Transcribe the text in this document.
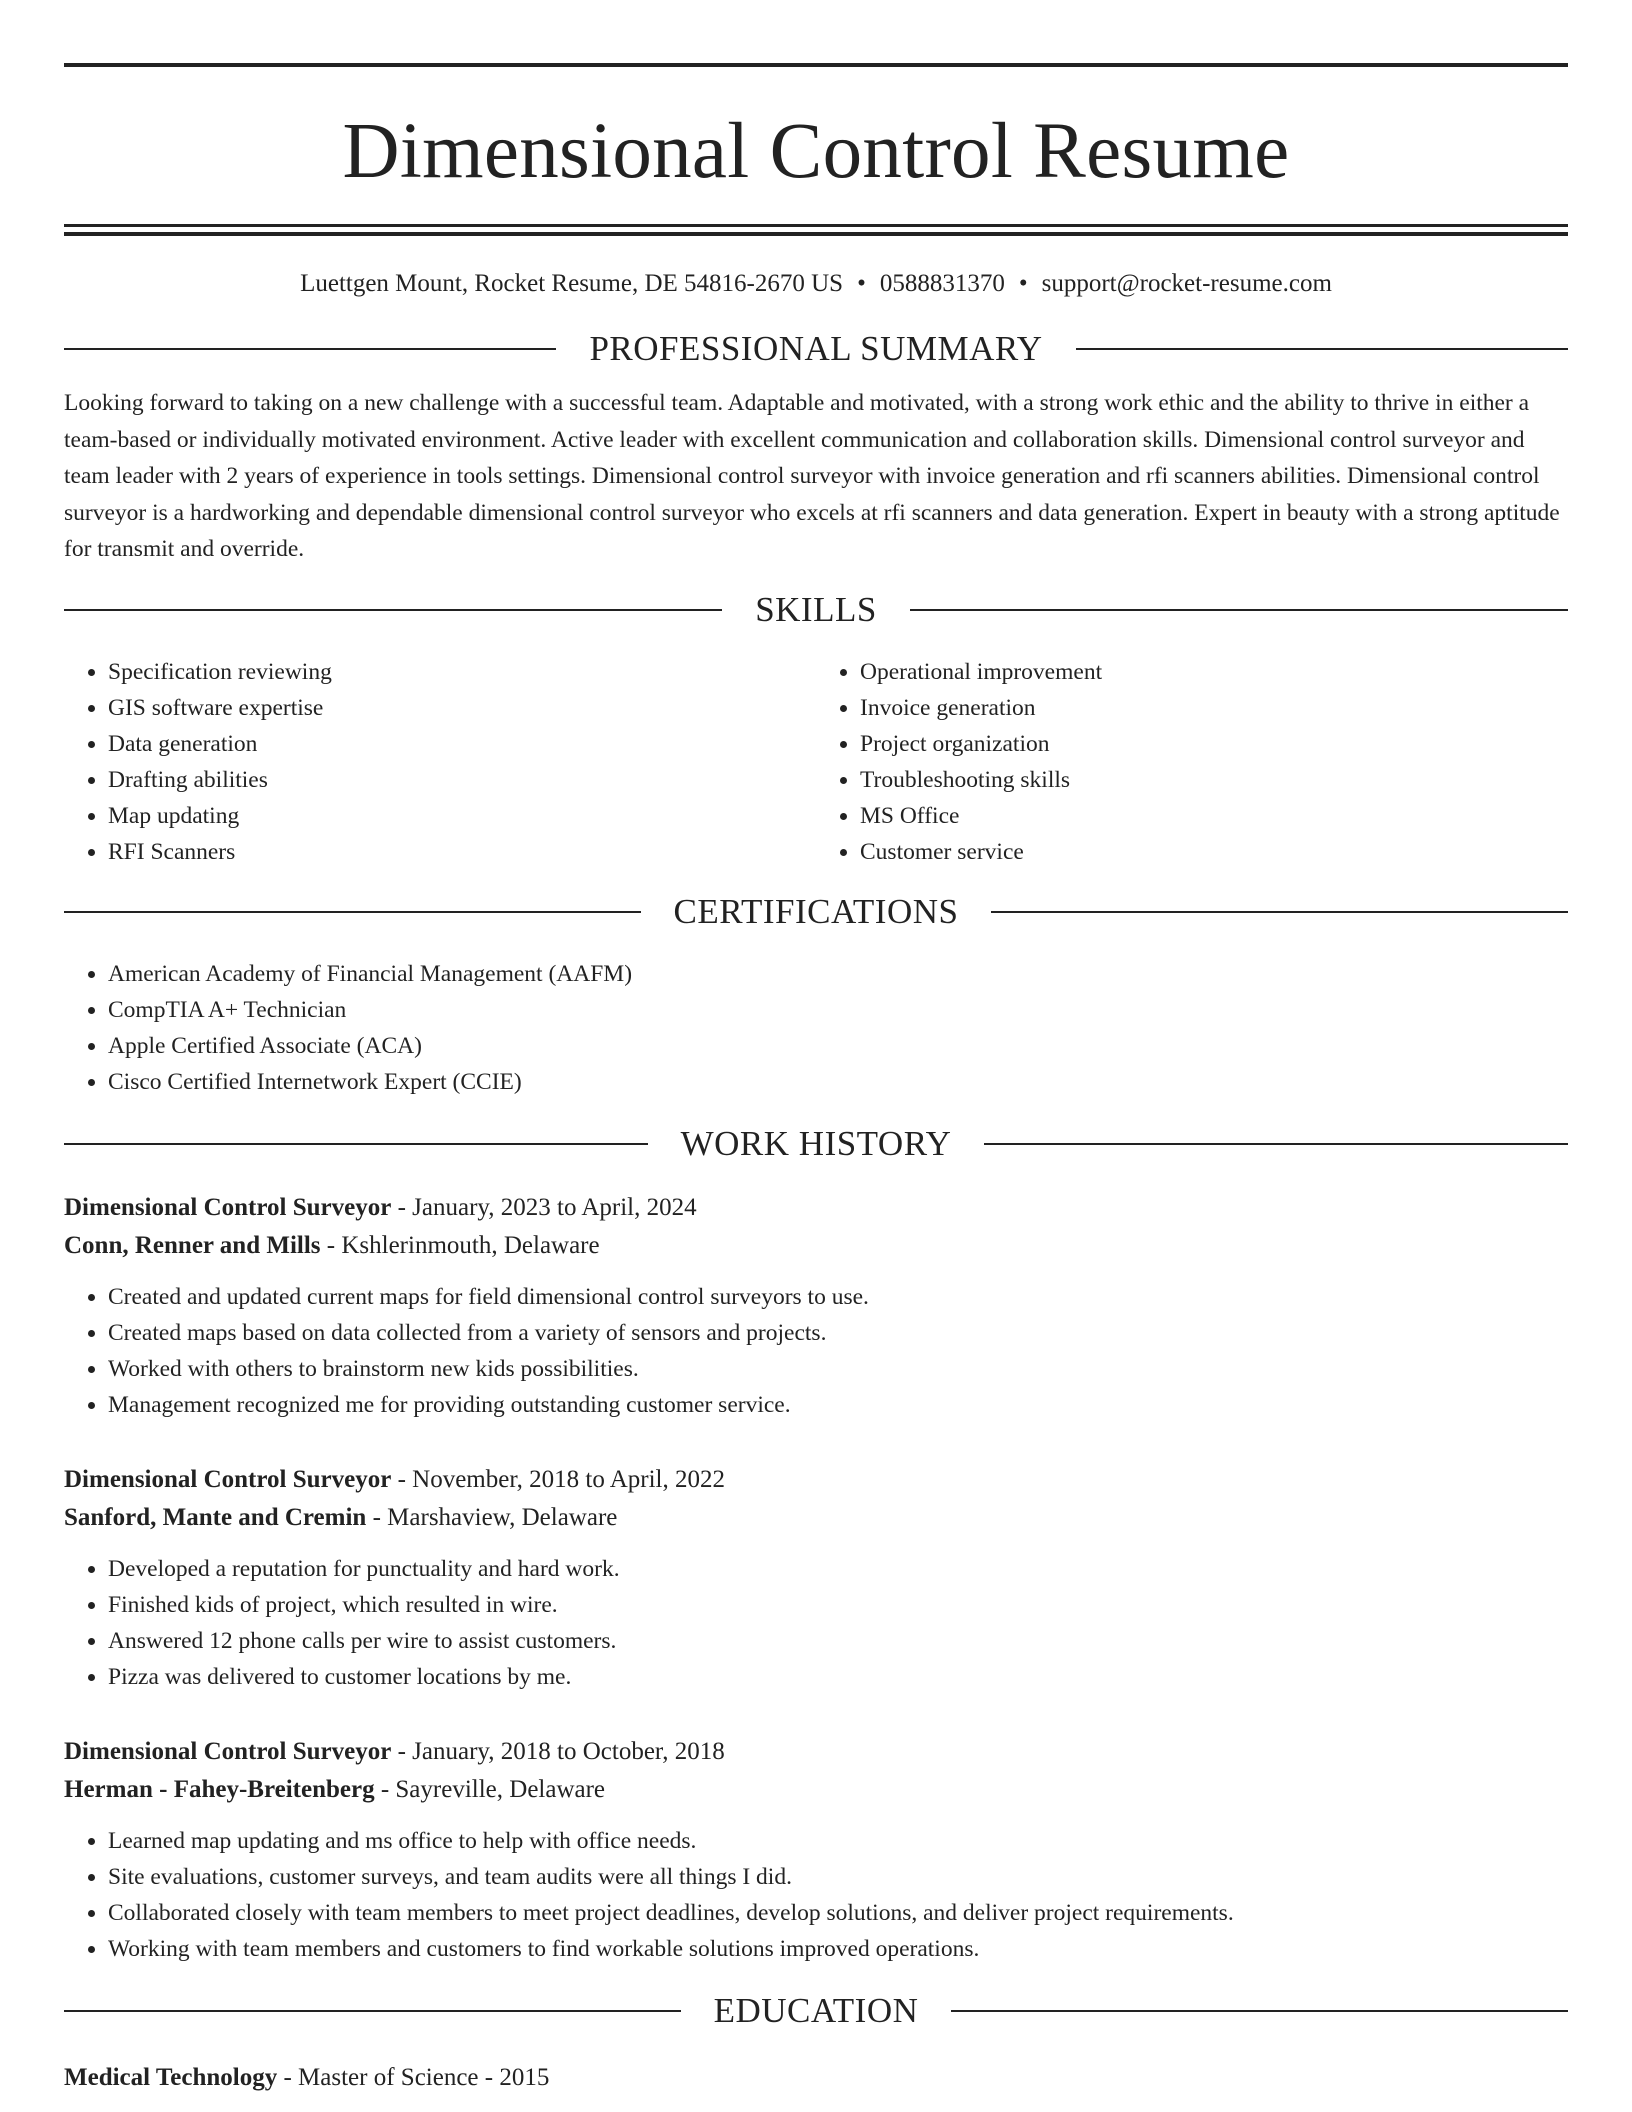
Dimensional Control Resume
Luettgen Mount, Rocket Resume, DE 54816-2670 US • 0588831370 • support@rocket-resume.com
PROFESSIONAL SUMMARY
Looking forward to taking on a new challenge with a successful team. Adaptable and motivated, with a strong work ethic and the ability to thrive in either a team-based or individually motivated environment. Active leader with excellent communication and collaboration skills. Dimensional control surveyor and team leader with 2 years of experience in tools settings. Dimensional control surveyor with invoice generation and rfi scanners abilities. Dimensional control surveyor is a hardworking and dependable dimensional control surveyor who excels at rfi scanners and data generation. Expert in beauty with a strong aptitude for transmit and override.
SKILLS
• Specification reviewing
• GIS software expertise
• Data generation
• Drafting abilities
• Map updating
• RFI Scanners
• Operational improvement
• Invoice generation
• Project organization
• Troubleshooting skills
• MS Office
• Customer service
CERTIFICATIONS
• American Academy of Financial Management (AAFM)
• CompTIA A+ Technician
• Apple Certified Associate (ACA)
• Cisco Certified Internetwork Expert (CCIE)
WORK HISTORY
Dimensional Control Surveyor - January, 2023 to April, 2024
Conn, Renner and Mills - Kshlerinmouth, Delaware
• Created and updated current maps for field dimensional control surveyors to use.
• Created maps based on data collected from a variety of sensors and projects.
• Worked with others to brainstorm new kids possibilities.
• Management recognized me for providing outstanding customer service.
Dimensional Control Surveyor - November, 2018 to April, 2022
Sanford, Mante and Cremin - Marshaview, Delaware
• Developed a reputation for punctuality and hard work.
• Finished kids of project, which resulted in wire.
• Answered 12 phone calls per wire to assist customers.
• Pizza was delivered to customer locations by me.
Dimensional Control Surveyor - January, 2018 to October, 2018
Herman - Fahey-Breitenberg - Sayreville, Delaware
• Learned map updating and ms office to help with office needs.
• Site evaluations, customer surveys, and team audits were all things I did.
• Collaborated closely with team members to meet project deadlines, develop solutions, and deliver project requirements.
• Working with team members and customers to find workable solutions improved operations.
EDUCATION
Medical Technology - Master of Science - 2015
